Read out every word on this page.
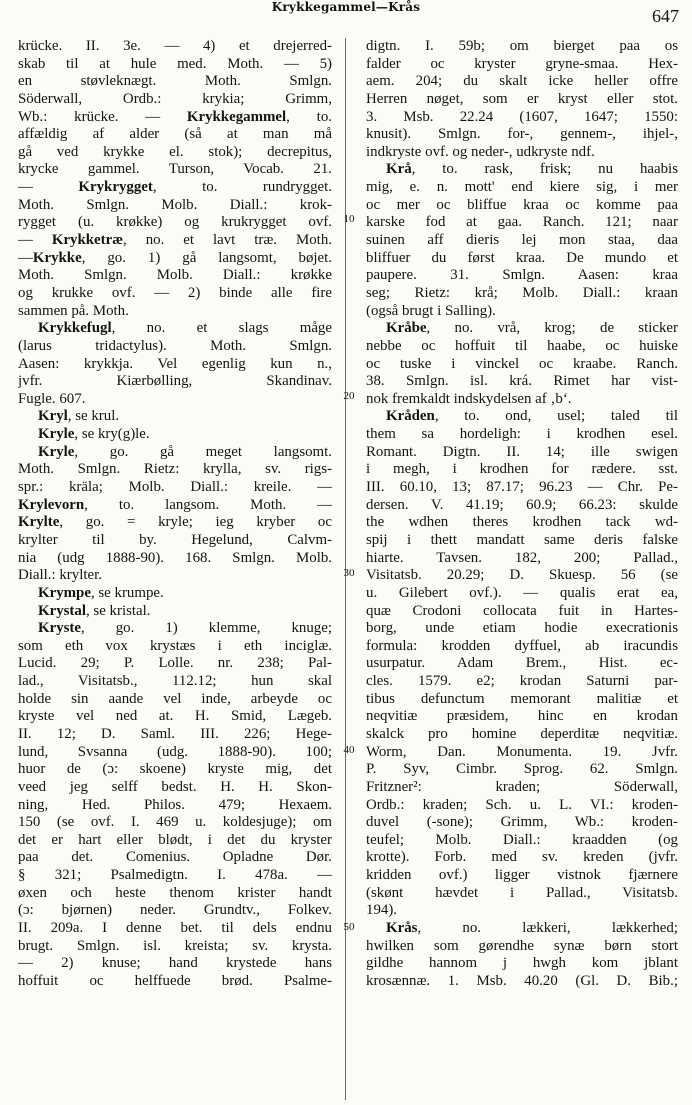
Krykkegammel—Krås	647
krücke. II. 3e. — 4) et drejerred-
skab til at hule med. Moth. — 5)
en støvleknægt. Moth. Smlgn.
Söderwall, Ordb.: krykia; Grimm,
Wb.: krücke. — Krykkegammel, to.
affældig af alder (så at man må
gå ved krykke el. stok); decrepitus,
krycke gammel. Turson, Vocab. 21.
— Krykrygget, to. rundrygget.
Moth. Smlgn. Molb. Diall.: krok-
rygget (u. krøkke) og krukrygget ovf.
— Krykketræ, no. et lavt træ. Moth.
—Krykke, go. 1) gå langsomt, bøjet.
Moth. Smlgn. Molb. Diall.: krøkke
og krukke ovf. — 2) binde alle fire
sammen på. Moth.
Krykkefugl, no. et slags måge
(larus tridactylus). Moth. Smlgn.
Aasen: krykkja. Vel egenlig kun n.,
jvfr. Kiærbølling, Skandinav.
Fugle. 607.
Kryl, se krul.
Kryle, se kry(g)le.
Kryle, go. gå meget langsomt.
Moth. Smlgn. Rietz: krylla, sv. rigs-
spr.: kräla; Molb. Diall.: kreile. —
Krylevorn, to. langsom. Moth. —
Krylte, go. = kryle; ieg kryber oc
krylter til by. Hegelund, Calvm-
nia (udg 1888-90). 168. Smlgn. Molb.
Diall.: krylter.
Krympe, se krumpe.
Krystal, se kristal.
Kryste, go. 1) klemme, knuge;
som eth vox krystæs i eth inciglæ.
Lucid. 29; P. Lolle. nr. 238; Pal-
lad., Visitatsb., 112.12; hun skal
holde sin aande vel inde, arbeyde oc
kryste vel ned at. H. Smid, Lægeb.
II. 12; D. Saml. III. 226; Hege-
lund, Svsanna (udg. 1888-90). 100;
huor de (ɔ: skoene) kryste mig, det
veed jeg selff bedst. H. H. Skon-
ning, Hed. Philos. 479; Hexaem.
150 (se ovf. I. 469 u. koldesjuge); om
det er hart eller blødt, i det du kryster
paa det. Comenius. Opladne Dør.
§ 321; Psalmedigtn. I. 478a. —
øxen och heste thenom krister handt
(ɔ: bjørnen) neder. Grundtv., Folkev.
II. 209a. I denne bet. til dels endnu
brugt. Smlgn. isl. kreista; sv. krysta.
— 2) knuse; hand krystede hans
hoffuit oc helffuede brød. Psalme-
digtn. I. 59b; om bierget paa os
falder oc kryster gryne-smaa. Hex-
aem. 204; du skalt icke heller offre
Herren nøget, som er kryst eller stot.
3. Msb. 22.24 (1607, 1647; 1550:
knusit). Smlgn. for-, gennem-, ihjel-,
indkryste ovf. og neder-, udkryste ndf.
Krå, to. rask, frisk; nu haabis
mig, e. n. mott' end kiere sig, i mer
oc mer oc bliffue kraa oc komme paa
karske fod at gaa. Ranch. 121; naar
suinen aff dieris lej mon staa, daa
bliffuer du først kraa. De mundo et
paupere. 31. Smlgn. Aasen: kraa
seg; Rietz: krå; Molb. Diall.: kraan
(også brugt i Salling).
Kråbe, no. vrå, krog; de sticker
nebbe oc hoffuit til haabe, oc huiske
oc tuske i vinckel oc kraabe. Ranch.
38. Smlgn. isl. krá. Rimet har vist-
nok fremkaldt indskydelsen af ‚b‘.
Kråden, to. ond, usel; taled til
them sa hordeligh: i krodhen esel.
Romant. Digtn. II. 14; ille swigen
i megh, i krodhen for rædere. sst.
III. 60.10, 13; 87.17; 96.23 — Chr. Pe-
dersen. V. 41.19; 60.9; 66.23: skulde
the wdhen theres krodhen tack wd-
spij i thett mandatt same deris falske
hiarte. Tavsen. 182, 200; Pallad.,
Visitatsb. 20.29; D. Skuesp. 56 (se
u. Gilebert ovf.). — qualis erat ea,
quæ Crodoni collocata fuit in Hartes-
borg, unde etiam hodie execrationis
formula: krodden dyffuel, ab iracundis
usurpatur. Adam Brem., Hist. ec-
cles. 1579. e2; krodan Saturni par-
tibus defunctum memorant malitiæ et
neqvitiæ præsidem, hinc en krodan
skalck pro homine deperditæ neqvitiæ.
Worm, Dan. Monumenta. 19. Jvfr.
P. Syv, Cimbr. Sprog. 62. Smlgn.
Fritzner²: kraden; Söderwall,
Ordb.: kraden; Sch. u. L. VI.: kroden-
duvel (-sone); Grimm, Wb.: kroden-
teufel; Molb. Diall.: kraadden (og
krotte). Forb. med sv. kreden (jvfr.
kridden ovf.) ligger vistnok fjærnere
(skønt hævdet i Pallad., Visitatsb.
194).
Krås, no. lækkeri, lækkerhed;
hwilken som gørendhe synæ børn stort
gildhe hannom j hwgh kom jblant
krosænnæ. 1. Msb. 40.20 (Gl. D. Bib.;
10
20
30
40
50
